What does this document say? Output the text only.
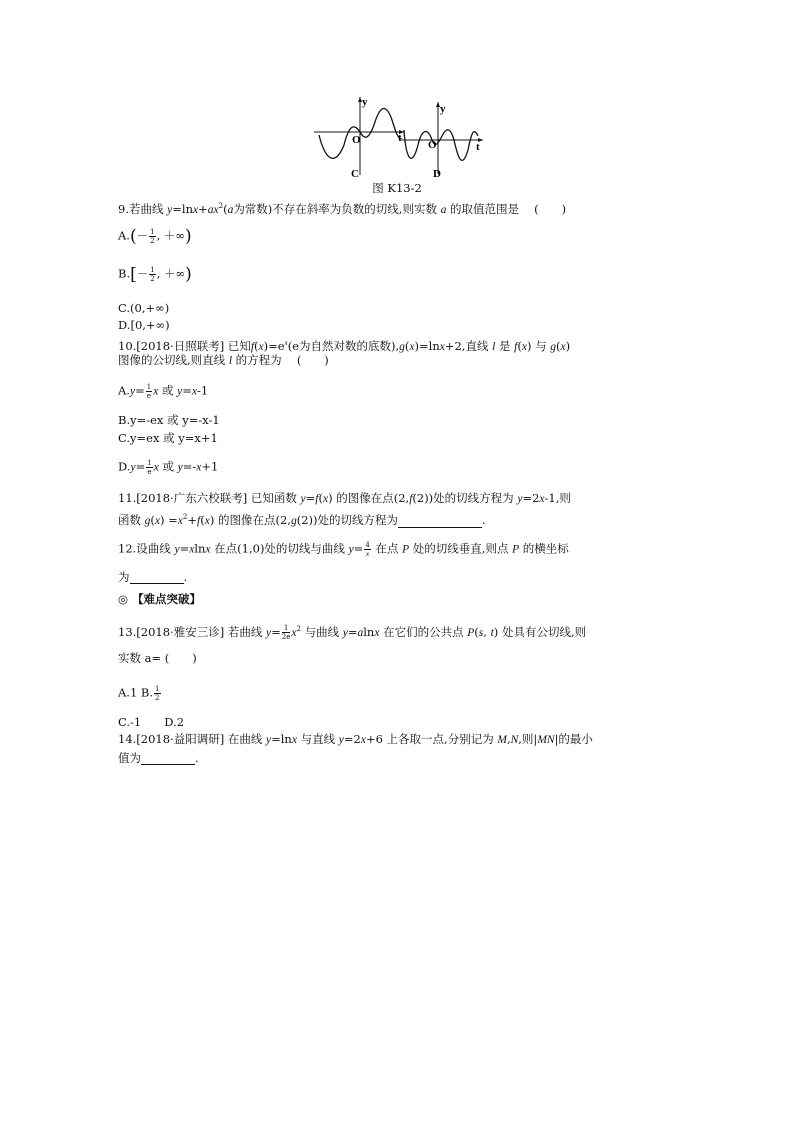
y
t
O
C
y
t
O
D
图 K13-2
9.若曲线 $y=\ln x+ax^2(a$为常数)不存在斜率为负数的切线,则实数 a 的取值范围是　 (　　)
$A.(- \frac{1}{2}$ , ＋∞)
$B.[- \frac{1}{2}$ , ＋∞)
C.(0,+∞)
D.[0,+∞)
10.[2018·日照联考] 已知$f(x)=e^x(e$为自然对数的底数),g(x)=lnx+2,直线 l 是 f(x) 与 g(x)
图像的公切线,则直线 l 的方程为　 (　　)
$A.y= \frac{1}{e}$ x 或 y=x-1
B.y=-ex 或 y=-x-1
C.y=ex 或 y=x+1
$D.y= \frac{1}{e}$ x 或 y=-x+1
11.[2018·广东六校联考] 已知函数 y=f(x) 的图像在点(2,f(2))处的切线方程为 y=2x-1,则
函数 $g(x) =x^2+f(x)$ 的图像在点(2,g(2))处的切线方程为	.
12.设曲线 y=xlnx 在点(1,0)处的切线与曲线 $y= \frac{4}{x}$ 在点 P 处的切线垂直,则点 P 的横坐标
为	.
◎ 【难点突破】
13.[2018·雅安三诊] 若曲线 $y= \frac{1}{2e} x^2$ 与曲线 y=alnx 在它们的公共点 P(s, t) 处具有公切线,则
实数 a= (　　)
A.1 B. $\frac{1}{2}$
C.-1　　D.2
14.[2018·益阳调研] 在曲线 y=lnx 与直线 y=2x+6 上各取一点,分别记为 M,N,则|MN|的最小
值为	.
